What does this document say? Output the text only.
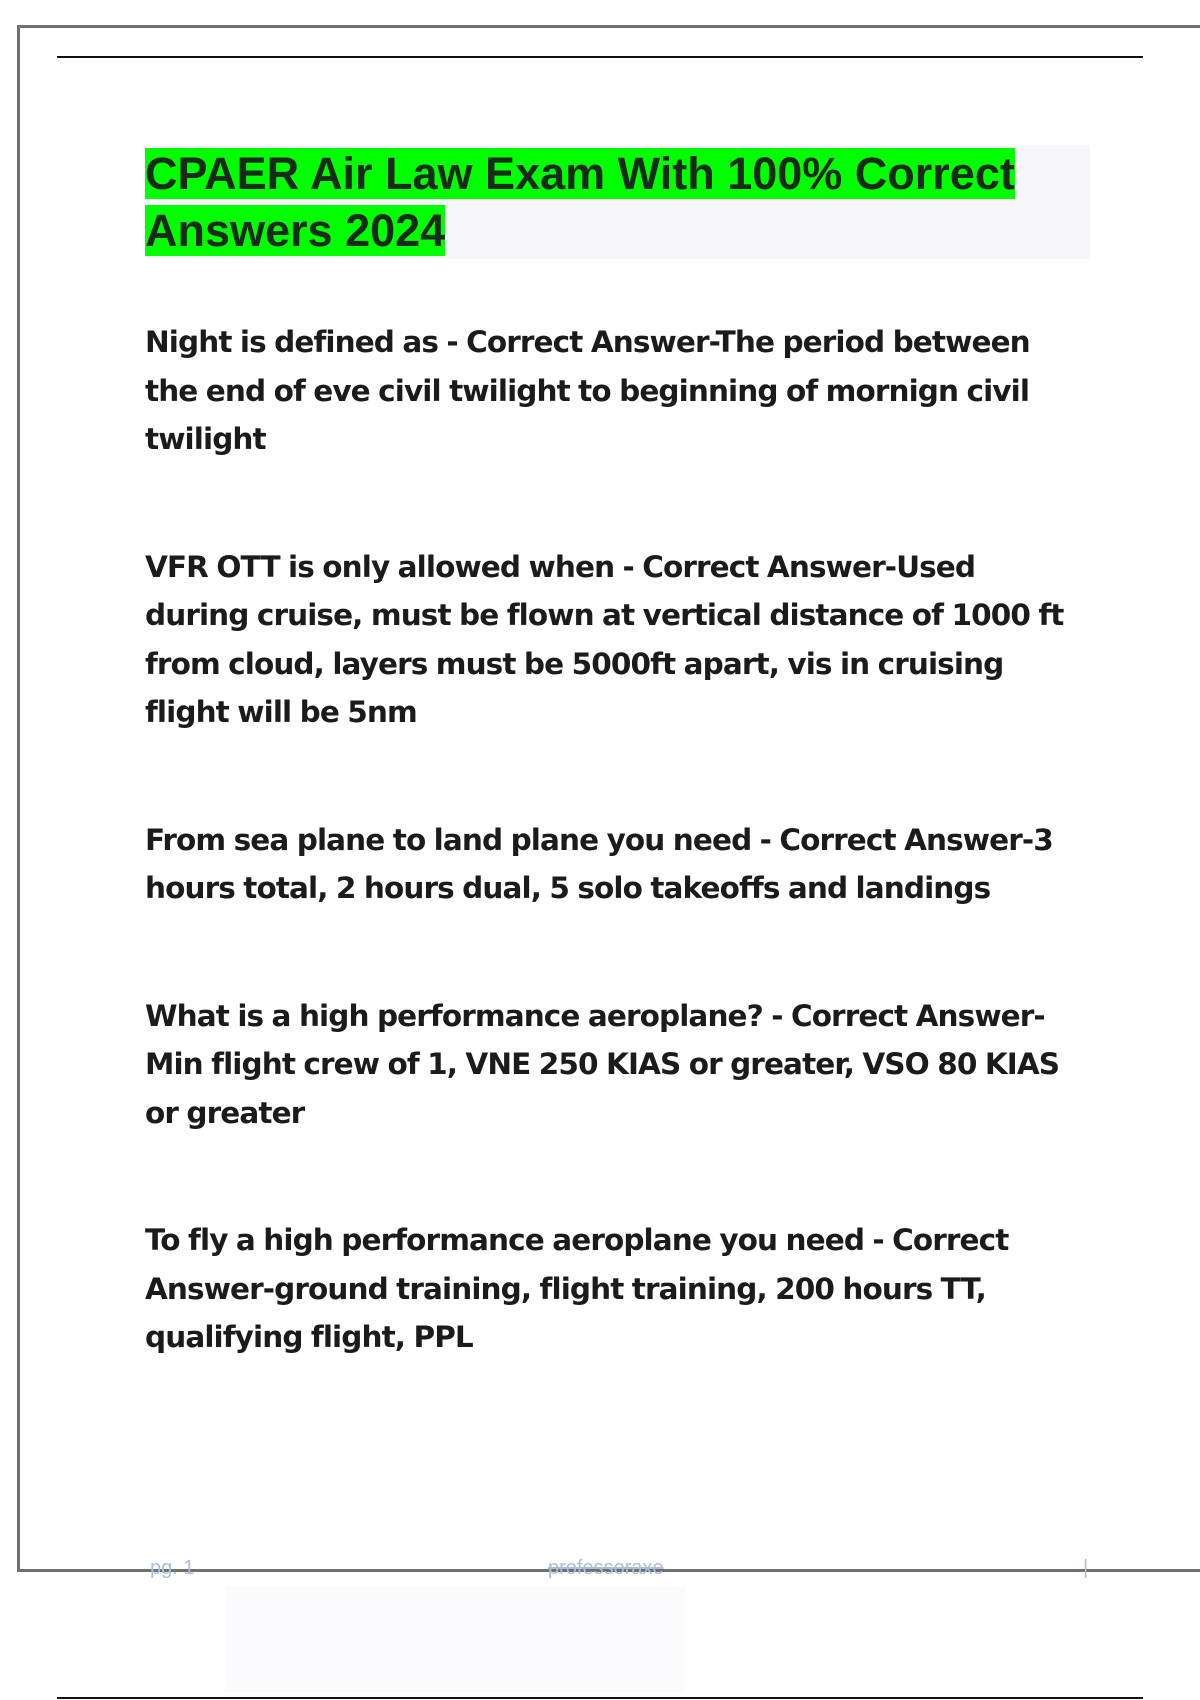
CPAER Air Law Exam With 100% Correct Answers 2024

Night is defined as - Correct Answer-The period between the end of eve civil twilight to beginning of mornign civil twilight

VFR OTT is only allowed when - Correct Answer-Used during cruise, must be flown at vertical distance of 1000 ft from cloud, layers must be 5000ft apart, vis in cruising flight will be 5nm

From sea plane to land plane you need - Correct Answer-3 hours total, 2 hours dual, 5 solo takeoffs and landings

What is a high performance aeroplane? - Correct Answer-Min flight crew of 1, VNE 250 KIAS or greater, VSO 80 KIAS or greater

To fly a high performance aeroplane you need - Correct Answer-ground training, flight training, 200 hours TT, qualifying flight, PPL

pg. 1	professoraxe	|
